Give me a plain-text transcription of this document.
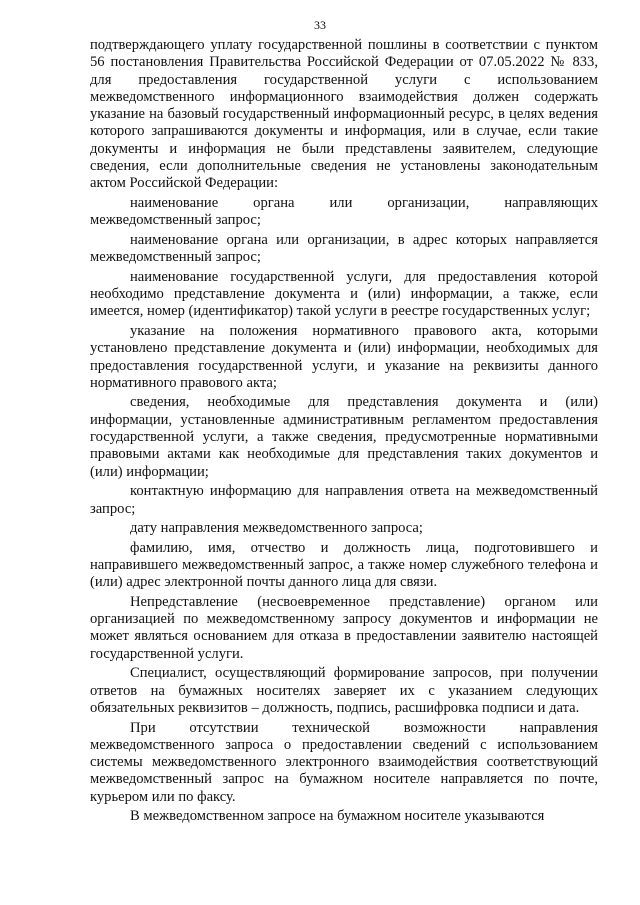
33

подтверждающего уплату государственной пошлины в соответствии с пунктом 56 постановления Правительства Российской Федерации от 07.05.2022 № 833, для предоставления государственной услуги с использованием межведомственного информационного взаимодействия должен содержать указание на базовый государственный информационный ресурс, в целях ведения которого запрашиваются документы и информация, или в случае, если такие документы и информация не были представлены заявителем, следующие сведения, если дополнительные сведения не установлены законодательным актом Российской Федерации:

наименование органа или организации, направляющих межведомственный запрос;

наименование органа или организации, в адрес которых направляется межведомственный запрос;

наименование государственной услуги, для предоставления которой необходимо представление документа и (или) информации, а также, если имеется, номер (идентификатор) такой услуги в реестре государственных услуг;

указание на положения нормативного правового акта, которыми установлено представление документа и (или) информации, необходимых для предоставления государственной услуги, и указание на реквизиты данного нормативного правового акта;

сведения, необходимые для представления документа и (или) информации, установленные административным регламентом предоставления государственной услуги, а также сведения, предусмотренные нормативными правовыми актами как необходимые для представления таких документов и (или) информации;

контактную информацию для направления ответа на межведомственный запрос;

дату направления межведомственного запроса;

фамилию, имя, отчество и должность лица, подготовившего и направившего межведомственный запрос, а также номер служебного телефона и (или) адрес электронной почты данного лица для связи.

Непредставление (несвоевременное представление) органом или организацией по межведомственному запросу документов и информации не может являться основанием для отказа в предоставлении заявителю настоящей государственной услуги.

Специалист, осуществляющий формирование запросов, при получении ответов на бумажных носителях заверяет их с указанием следующих обязательных реквизитов – должность, подпись, расшифровка подписи и дата.

При отсутствии технической возможности направления межведомственного запроса о предоставлении сведений с использованием системы межведомственного электронного взаимодействия соответствующий межведомственный запрос на бумажном носителе направляется по почте, курьером или по факсу.

В межведомственном запросе на бумажном носителе указываются
